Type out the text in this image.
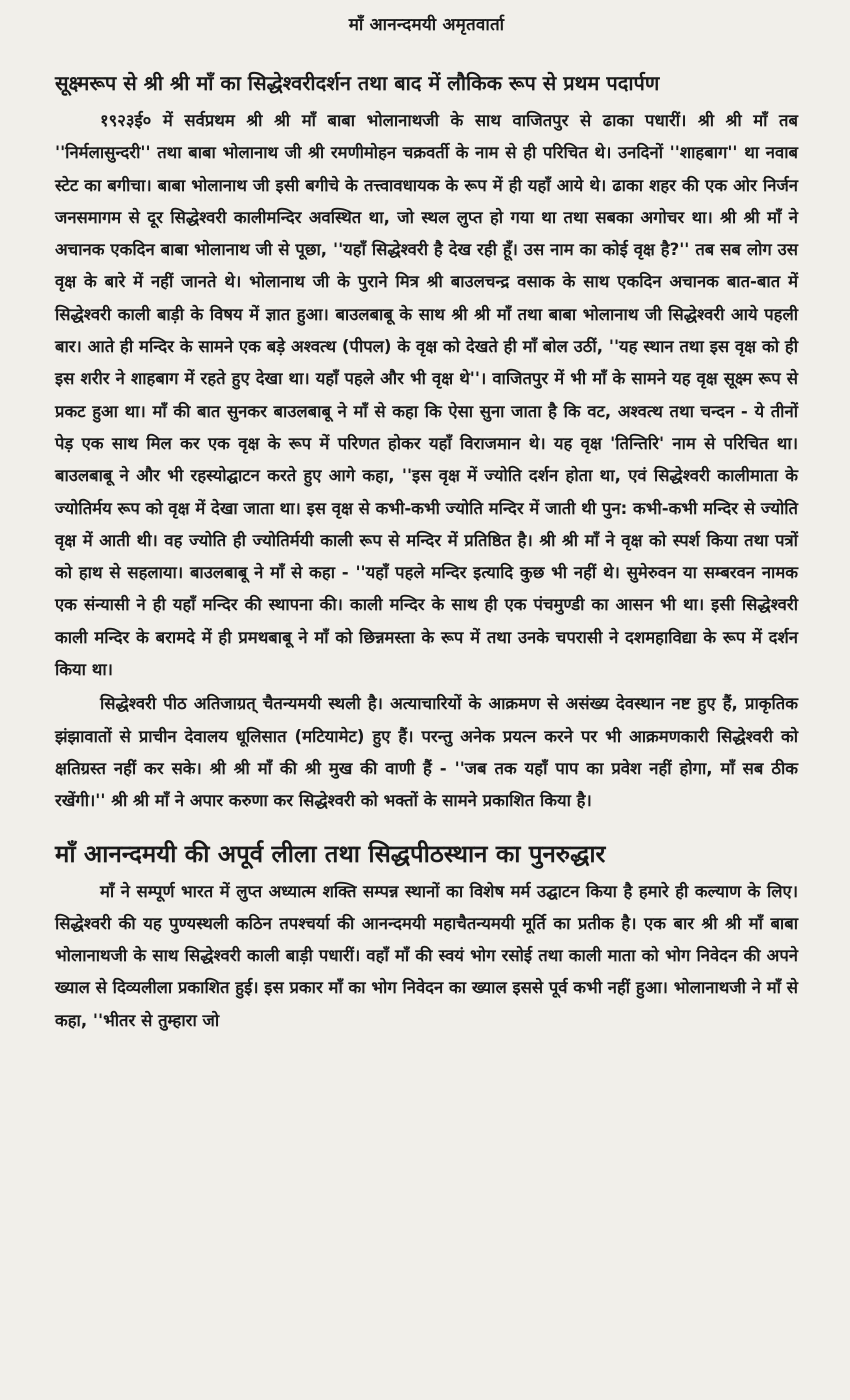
माँ आनन्दमयी अमृतवार्ता
सूक्ष्मरूप से श्री श्री माँ का सिद्धेश्वरीदर्शन तथा बाद में लौकिक रूप से प्रथम पदार्पण

१९२३ई० में सर्वप्रथम श्री श्री माँ बाबा भोलानाथजी के साथ वाजितपुर से ढाका पधारीं। श्री श्री माँ तब ''निर्मलासुन्दरी'' तथा बाबा भोलानाथ जी श्री रमणीमोहन चक्रवर्ती के नाम से ही परिचित थे। उनदिनों ''शाहबाग'' था नवाब स्टेट का बगीचा। बाबा भोलानाथ जी इसी बगीचे के तत्त्वावधायक के रूप में ही यहाँ आये थे। ढाका शहर की एक ओर निर्जन जनसमागम से दूर सिद्धेश्वरी कालीमन्दिर अवस्थित था, जो स्थल लुप्त हो गया था तथा सबका अगोचर था। श्री श्री माँ ने अचानक एकदिन बाबा भोलानाथ जी से पूछा, ''यहाँ सिद्धेश्वरी है देख रही हूँ। उस नाम का कोई वृक्ष है?'' तब सब लोग उस वृक्ष के बारे में नहीं जानते थे। भोलानाथ जी के पुराने मित्र श्री बाउलचन्द्र वसाक के साथ एकदिन अचानक बात-बात में सिद्धेश्वरी काली बाड़ी के विषय में ज्ञात हुआ। बाउलबाबू के साथ श्री श्री माँ तथा बाबा भोलानाथ जी सिद्धेश्वरी आये पहली बार। आते ही मन्दिर के सामने एक बड़े अश्वत्थ (पीपल) के वृक्ष को देखते ही माँ बोल उठीं, ''यह स्थान तथा इस वृक्ष को ही इस शरीर ने शाहबाग में रहते हुए देखा था। यहाँ पहले और भी वृक्ष थे''। वाजितपुर में भी माँ के सामने यह वृक्ष सूक्ष्म रूप से प्रकट हुआ था। माँ की बात सुनकर बाउलबाबू ने माँ से कहा कि ऐसा सुना जाता है कि वट, अश्वत्थ तथा चन्दन - ये तीनों पेड़ एक साथ मिल कर एक वृक्ष के रूप में परिणत होकर यहाँ विराजमान थे। यह वृक्ष 'तिन्तिरि' नाम से परिचित था। बाउलबाबू ने और भी रहस्योद्घाटन करते हुए आगे कहा, ''इस वृक्ष में ज्योति दर्शन होता था, एवं सिद्धेश्वरी कालीमाता के ज्योतिर्मय रूप को वृक्ष में देखा जाता था। इस वृक्ष से कभी-कभी ज्योति मन्दिर में जाती थी पुन: कभी-कभी मन्दिर से ज्योति वृक्ष में आती थी। वह ज्योति ही ज्योतिर्मयी काली रूप से मन्दिर में प्रतिष्ठित है। श्री श्री माँ ने वृक्ष को स्पर्श किया तथा पत्रों को हाथ से सहलाया। बाउलबाबू ने माँ से कहा - ''यहाँ पहले मन्दिर इत्यादि कुछ भी नहीं थे। सुमेरुवन या सम्बरवन नामक एक संन्यासी ने ही यहाँ मन्दिर की स्थापना की। काली मन्दिर के साथ ही एक पंचमुण्डी का आसन भी था। इसी सिद्धेश्वरी काली मन्दिर के बरामदे में ही प्रमथबाबू ने माँ को छिन्नमस्ता के रूप में तथा उनके चपरासी ने दशमहाविद्या के रूप में दर्शन किया था।

सिद्धेश्वरी पीठ अतिजाग्रत् चैतन्यमयी स्थली है। अत्याचारियों के आक्रमण से असंख्य देवस्थान नष्ट हुए हैं, प्राकृतिक झंझावातों से प्राचीन देवालय धूलिसात (मटियामेट) हुए हैं। परन्तु अनेक प्रयत्न करने पर भी आक्रमणकारी सिद्धेश्वरी को क्षतिग्रस्त नहीं कर सके। श्री श्री माँ की श्री मुख की वाणी हैं - ''जब तक यहाँ पाप का प्रवेश नहीं होगा, माँ सब ठीक रखेंगी।'' श्री श्री माँ ने अपार करुणा कर सिद्धेश्वरी को भक्तों के सामने प्रकाशित किया है।

माँ आनन्दमयी की अपूर्व लीला तथा सिद्धपीठस्थान का पुनरुद्धार

माँ ने सम्पूर्ण भारत में लुप्त अध्यात्म शक्ति सम्पन्न स्थानों का विशेष मर्म उद्घाटन किया है हमारे ही कल्याण के लिए। सिद्धेश्वरी की यह पुण्यस्थली कठिन तपश्चर्या की आनन्दमयी महाचैतन्यमयी मूर्ति का प्रतीक है। एक बार श्री श्री माँ बाबा भोलानाथजी के साथ सिद्धेश्वरी काली बाड़ी पधारीं। वहाँ माँ की स्वयं भोग रसोई तथा काली माता को भोग निवेदन की अपने ख्याल से दिव्यलीला प्रकाशित हुई। इस प्रकार माँ का भोग निवेदन का ख्याल इससे पूर्व कभी नहीं हुआ। भोलानाथजी ने माँ से कहा, ''भीतर से तुम्हारा जो
